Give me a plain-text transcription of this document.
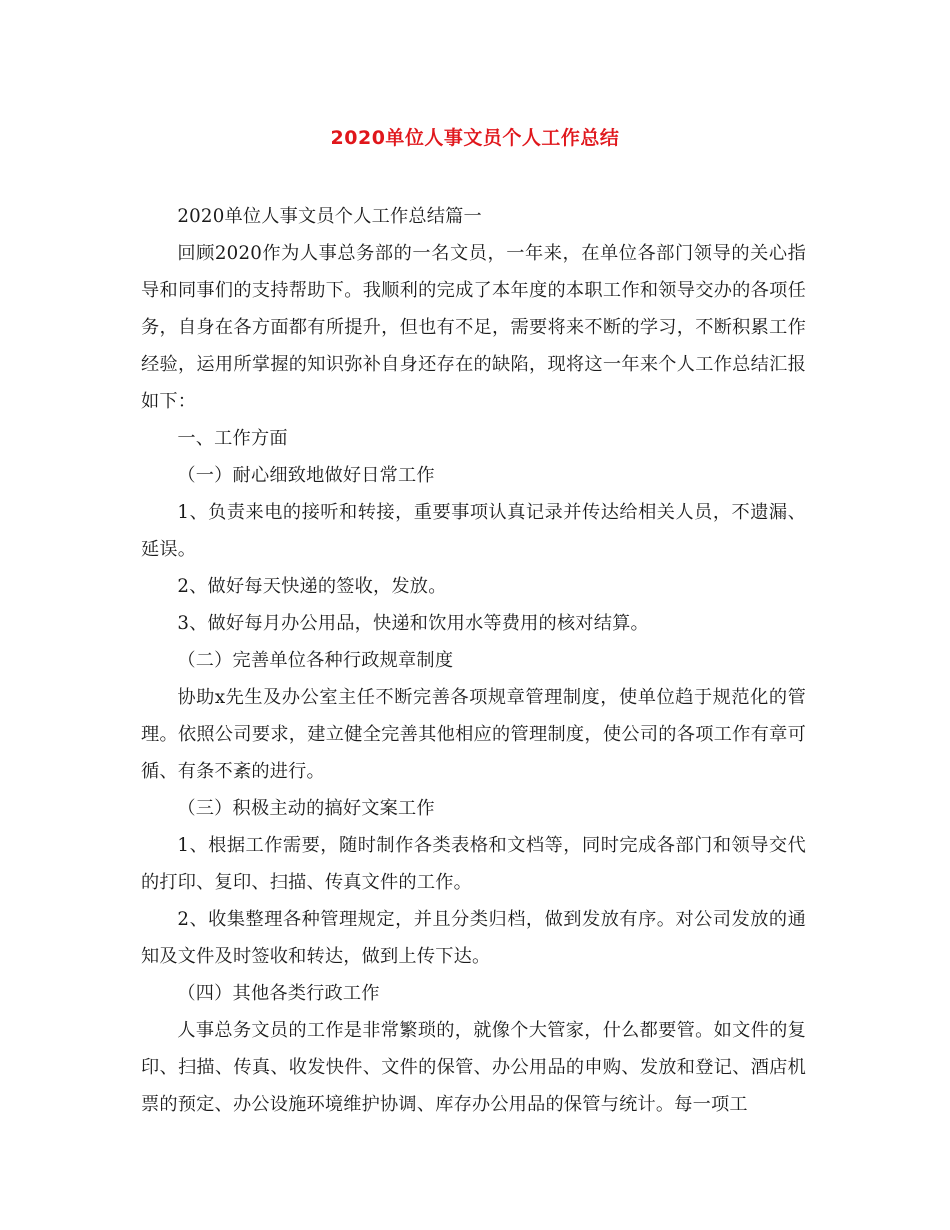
2020单位人事文员个人工作总结

2020单位人事文员个人工作总结篇一

回顾2020作为人事总务部的一名文员，一年来，在单位各部门领导的关心指导和同事们的支持帮助下。我顺利的完成了本年度的本职工作和领导交办的各项任务，自身在各方面都有所提升，但也有不足，需要将来不断的学习，不断积累工作经验，运用所掌握的知识弥补自身还存在的缺陷，现将这一年来个人工作总结汇报如下：

一、工作方面

（一）耐心细致地做好日常工作

1、负责来电的接听和转接，重要事项认真记录并传达给相关人员，不遗漏、延误。

2、做好每天快递的签收，发放。

3、做好每月办公用品，快递和饮用水等费用的核对结算。

（二）完善单位各种行政规章制度

协助x先生及办公室主任不断完善各项规章管理制度，使单位趋于规范化的管理。依照公司要求，建立健全完善其他相应的管理制度，使公司的各项工作有章可循、有条不紊的进行。

（三）积极主动的搞好文案工作

1、根据工作需要，随时制作各类表格和文档等，同时完成各部门和领导交代的打印、复印、扫描、传真文件的工作。

2、收集整理各种管理规定，并且分类归档，做到发放有序。对公司发放的通知及文件及时签收和转达，做到上传下达。

（四）其他各类行政工作

人事总务文员的工作是非常繁琐的，就像个大管家，什么都要管。如文件的复印、扫描、传真、收发快件、文件的保管、办公用品的申购、发放和登记、酒店机票的预定、办公设施环境维护协调、库存办公用品的保管与统计。每一项工
